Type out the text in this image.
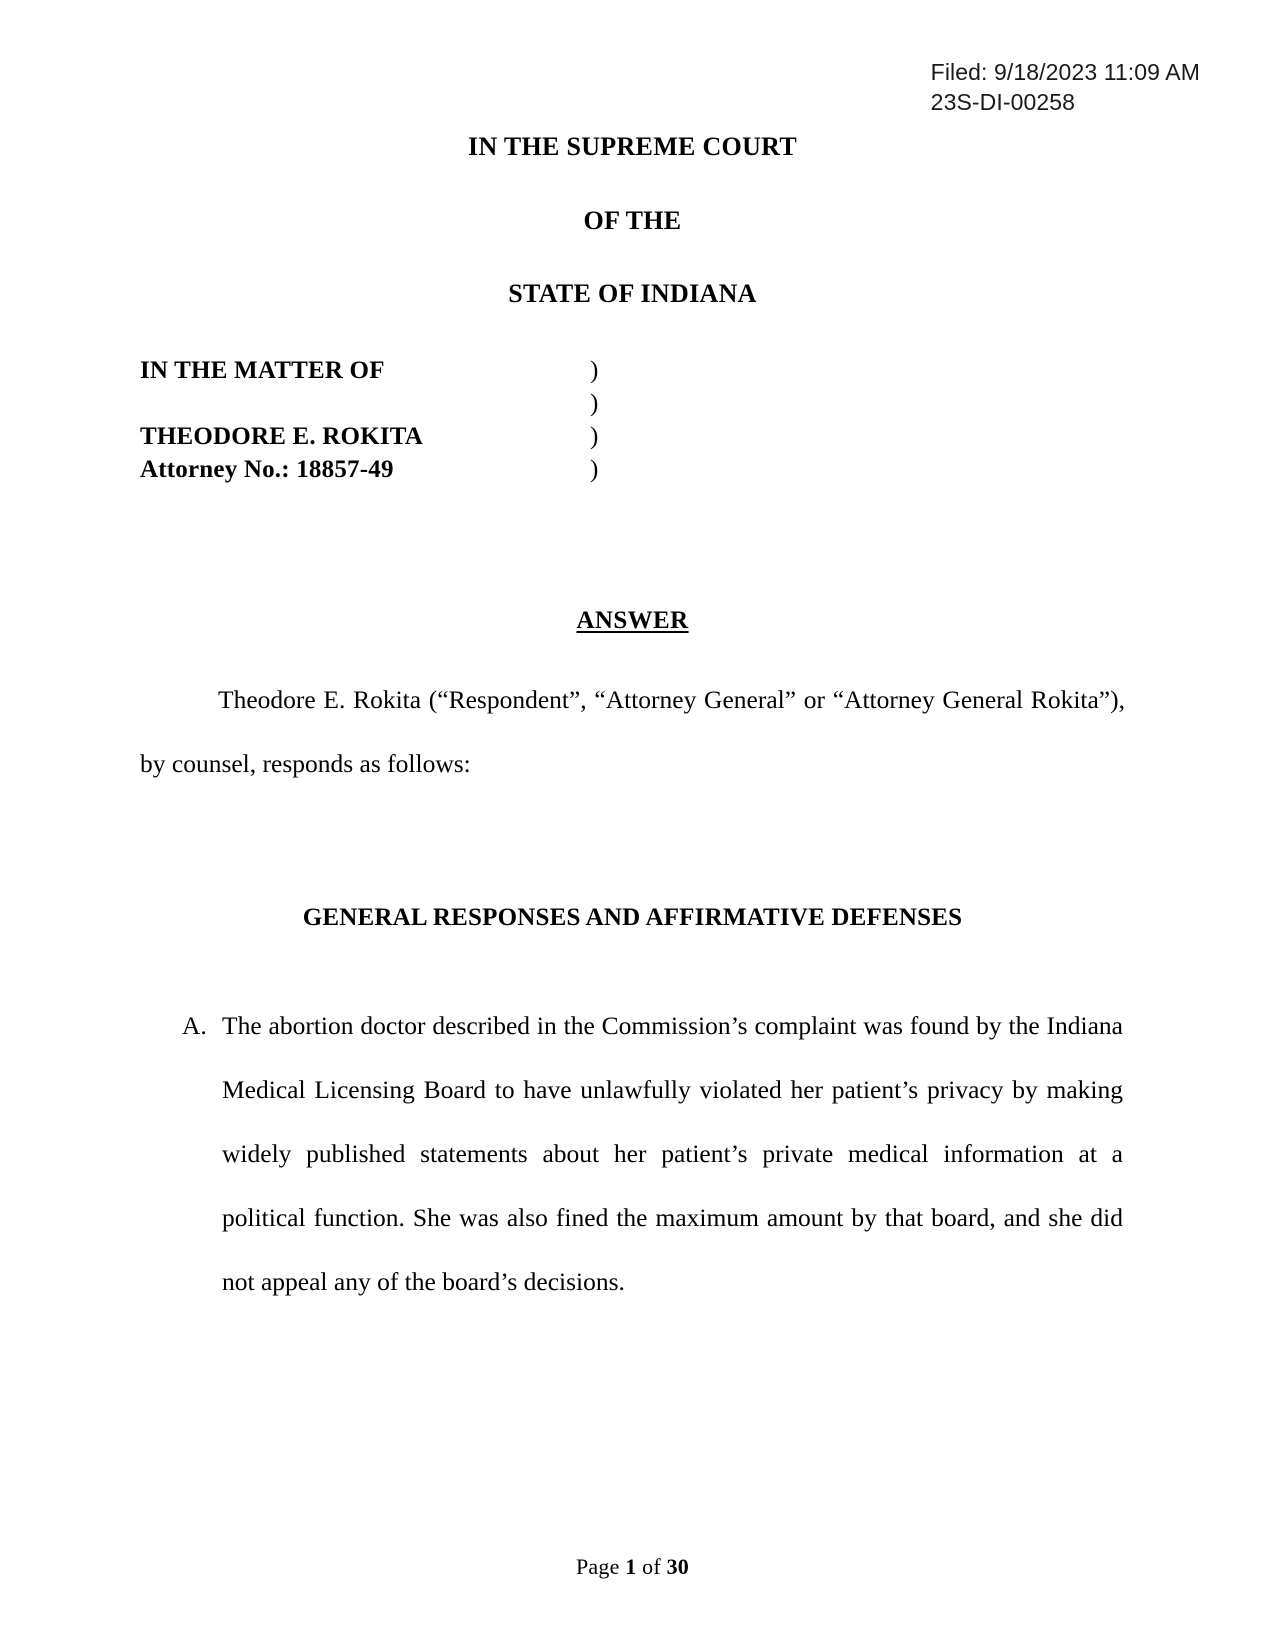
Filed: 9/18/2023 11:09 AM
23S-DI-00258
IN THE SUPREME COURT
OF THE
STATE OF INDIANA
IN THE MATTER OF	)
)
THEODORE E. ROKITA	)
Attorney No.: 18857-49	)
ANSWER

Theodore E. Rokita (“Respondent”, “Attorney General” or “Attorney General Rokita”), by counsel, responds as follows:

GENERAL RESPONSES AND AFFIRMATIVE DEFENSES
A. The abortion doctor described in the Commission’s complaint was found by the Indiana Medical Licensing Board to have unlawfully violated her patient’s privacy by making widely published statements about her patient’s private medical information at a political function. She was also fined the maximum amount by that board, and she did not appeal any of the board’s decisions.
Page 1 of 30
